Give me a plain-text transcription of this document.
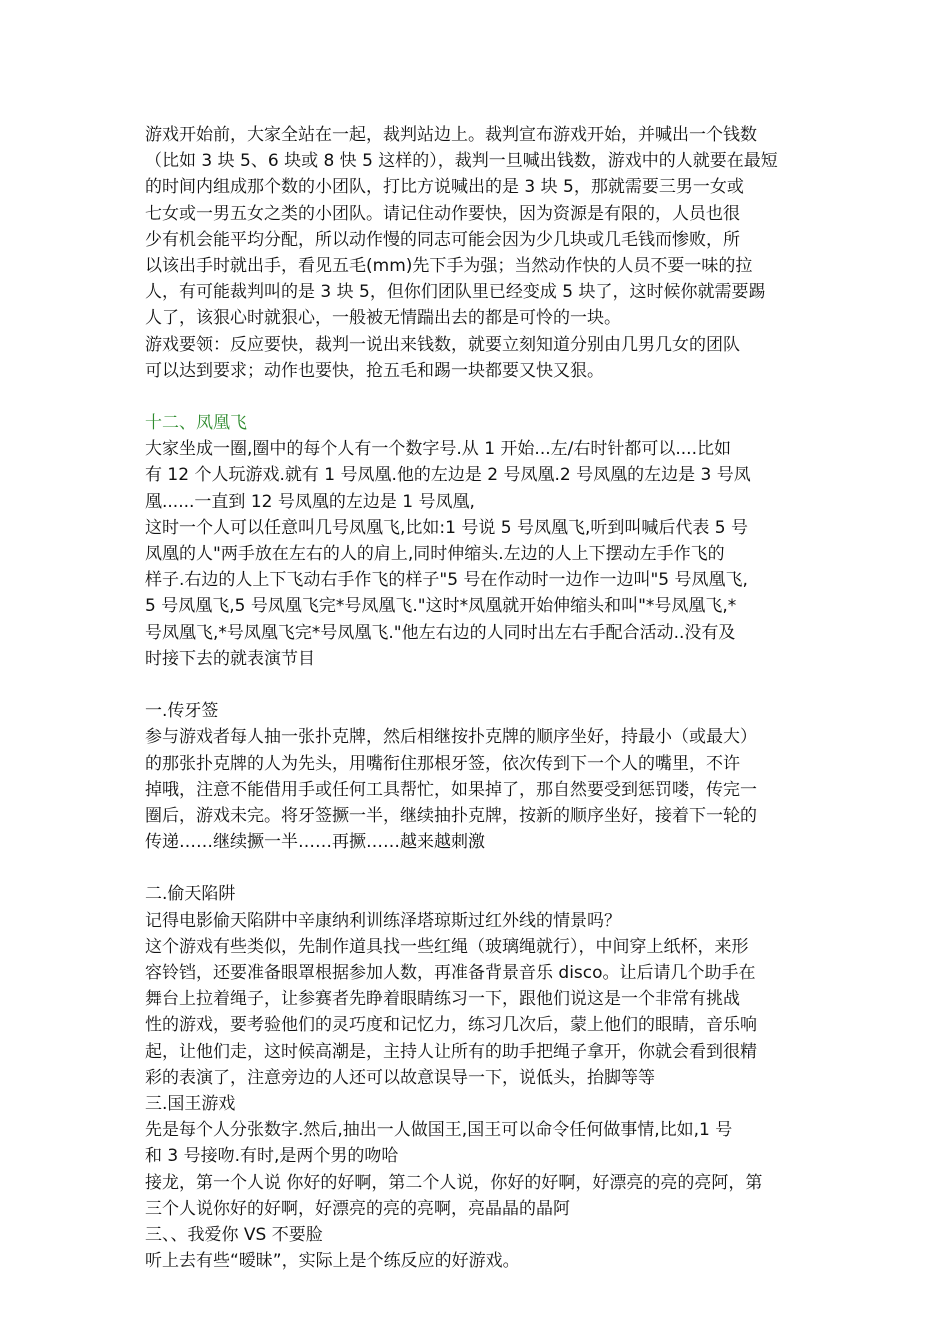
游戏开始前，大家全站在一起，裁判站边上。裁判宣布游戏开始，并喊出一个钱数
（比如 3 块 5、6 块或 8 快 5 这样的），裁判一旦喊出钱数，游戏中的人就要在最短
的时间内组成那个数的小团队，打比方说喊出的是 3 块 5，那就需要三男一女或
七女或一男五女之类的小团队。请记住动作要快，因为资源是有限的，人员也很
少有机会能平均分配，所以动作慢的同志可能会因为少几块或几毛钱而惨败，所
以该出手时就出手，看见五毛(mm)先下手为强；当然动作快的人员不要一味的拉
人，有可能裁判叫的是 3 块 5，但你们团队里已经变成 5 块了，这时候你就需要踢
人了，该狠心时就狠心，一般被无情踹出去的都是可怜的一块。
游戏要领：反应要快，裁判一说出来钱数，就要立刻知道分别由几男几女的团队
可以达到要求；动作也要快，抢五毛和踢一块都要又快又狠。
十二、凤凰飞
大家坐成一圈,圈中的每个人有一个数字号.从 1 开始...左/右时针都可以....比如
有 12 个人玩游戏.就有 1 号凤凰.他的左边是 2 号凤凰.2 号凤凰的左边是 3 号凤
凰......一直到 12 号凤凰的左边是 1 号凤凰,
这时一个人可以任意叫几号凤凰飞,比如:1 号说 5 号凤凰飞,听到叫喊后代表 5 号
凤凰的人"两手放在左右的人的肩上,同时伸缩头.左边的人上下摆动左手作飞的
样子.右边的人上下飞动右手作飞的样子"5 号在作动时一边作一边叫"5 号凤凰飞,
5 号凤凰飞,5 号凤凰飞完*号凤凰飞."这时*凤凰就开始伸缩头和叫"*号凤凰飞,*
号凤凰飞,*号凤凰飞完*号凤凰飞."他左右边的人同时出左右手配合活动..没有及
时接下去的就表演节目
一.传牙签
参与游戏者每人抽一张扑克牌，然后相继按扑克牌的顺序坐好，持最小（或最大）
的那张扑克牌的人为先头，用嘴衔住那根牙签，依次传到下一个人的嘴里，不许
掉哦，注意不能借用手或任何工具帮忙，如果掉了，那自然要受到惩罚喽，传完一
圈后，游戏未完。将牙签撅一半，继续抽扑克牌，按新的顺序坐好，接着下一轮的
传递……继续撅一半……再撅……越来越刺激
二.偷天陷阱
记得电影偷天陷阱中辛康纳利训练泽塔琼斯过红外线的情景吗？
这个游戏有些类似，先制作道具找一些红绳（玻璃绳就行），中间穿上纸杯，来形
容铃铛，还要准备眼罩根据参加人数，再准备背景音乐 disco。让后请几个助手在
舞台上拉着绳子，让参赛者先睁着眼睛练习一下，跟他们说这是一个非常有挑战
性的游戏，要考验他们的灵巧度和记忆力，练习几次后，蒙上他们的眼睛，音乐响
起，让他们走，这时候高潮是，主持人让所有的助手把绳子拿开，你就会看到很精
彩的表演了，注意旁边的人还可以故意误导一下，说低头，抬脚等等
三.国王游戏
先是每个人分张数字.然后,抽出一人做国王,国王可以命令任何做事情,比如,1 号
和 3 号接吻.有时,是两个男的吻哈
接龙，第一个人说 你好的好啊，第二个人说，你好的好啊，好漂亮的亮的亮阿，第
三个人说你好的好啊，好漂亮的亮的亮啊，亮晶晶的晶阿
三、、我爱你 VS 不要脸
听上去有些“暧昧”，实际上是个练反应的好游戏。
